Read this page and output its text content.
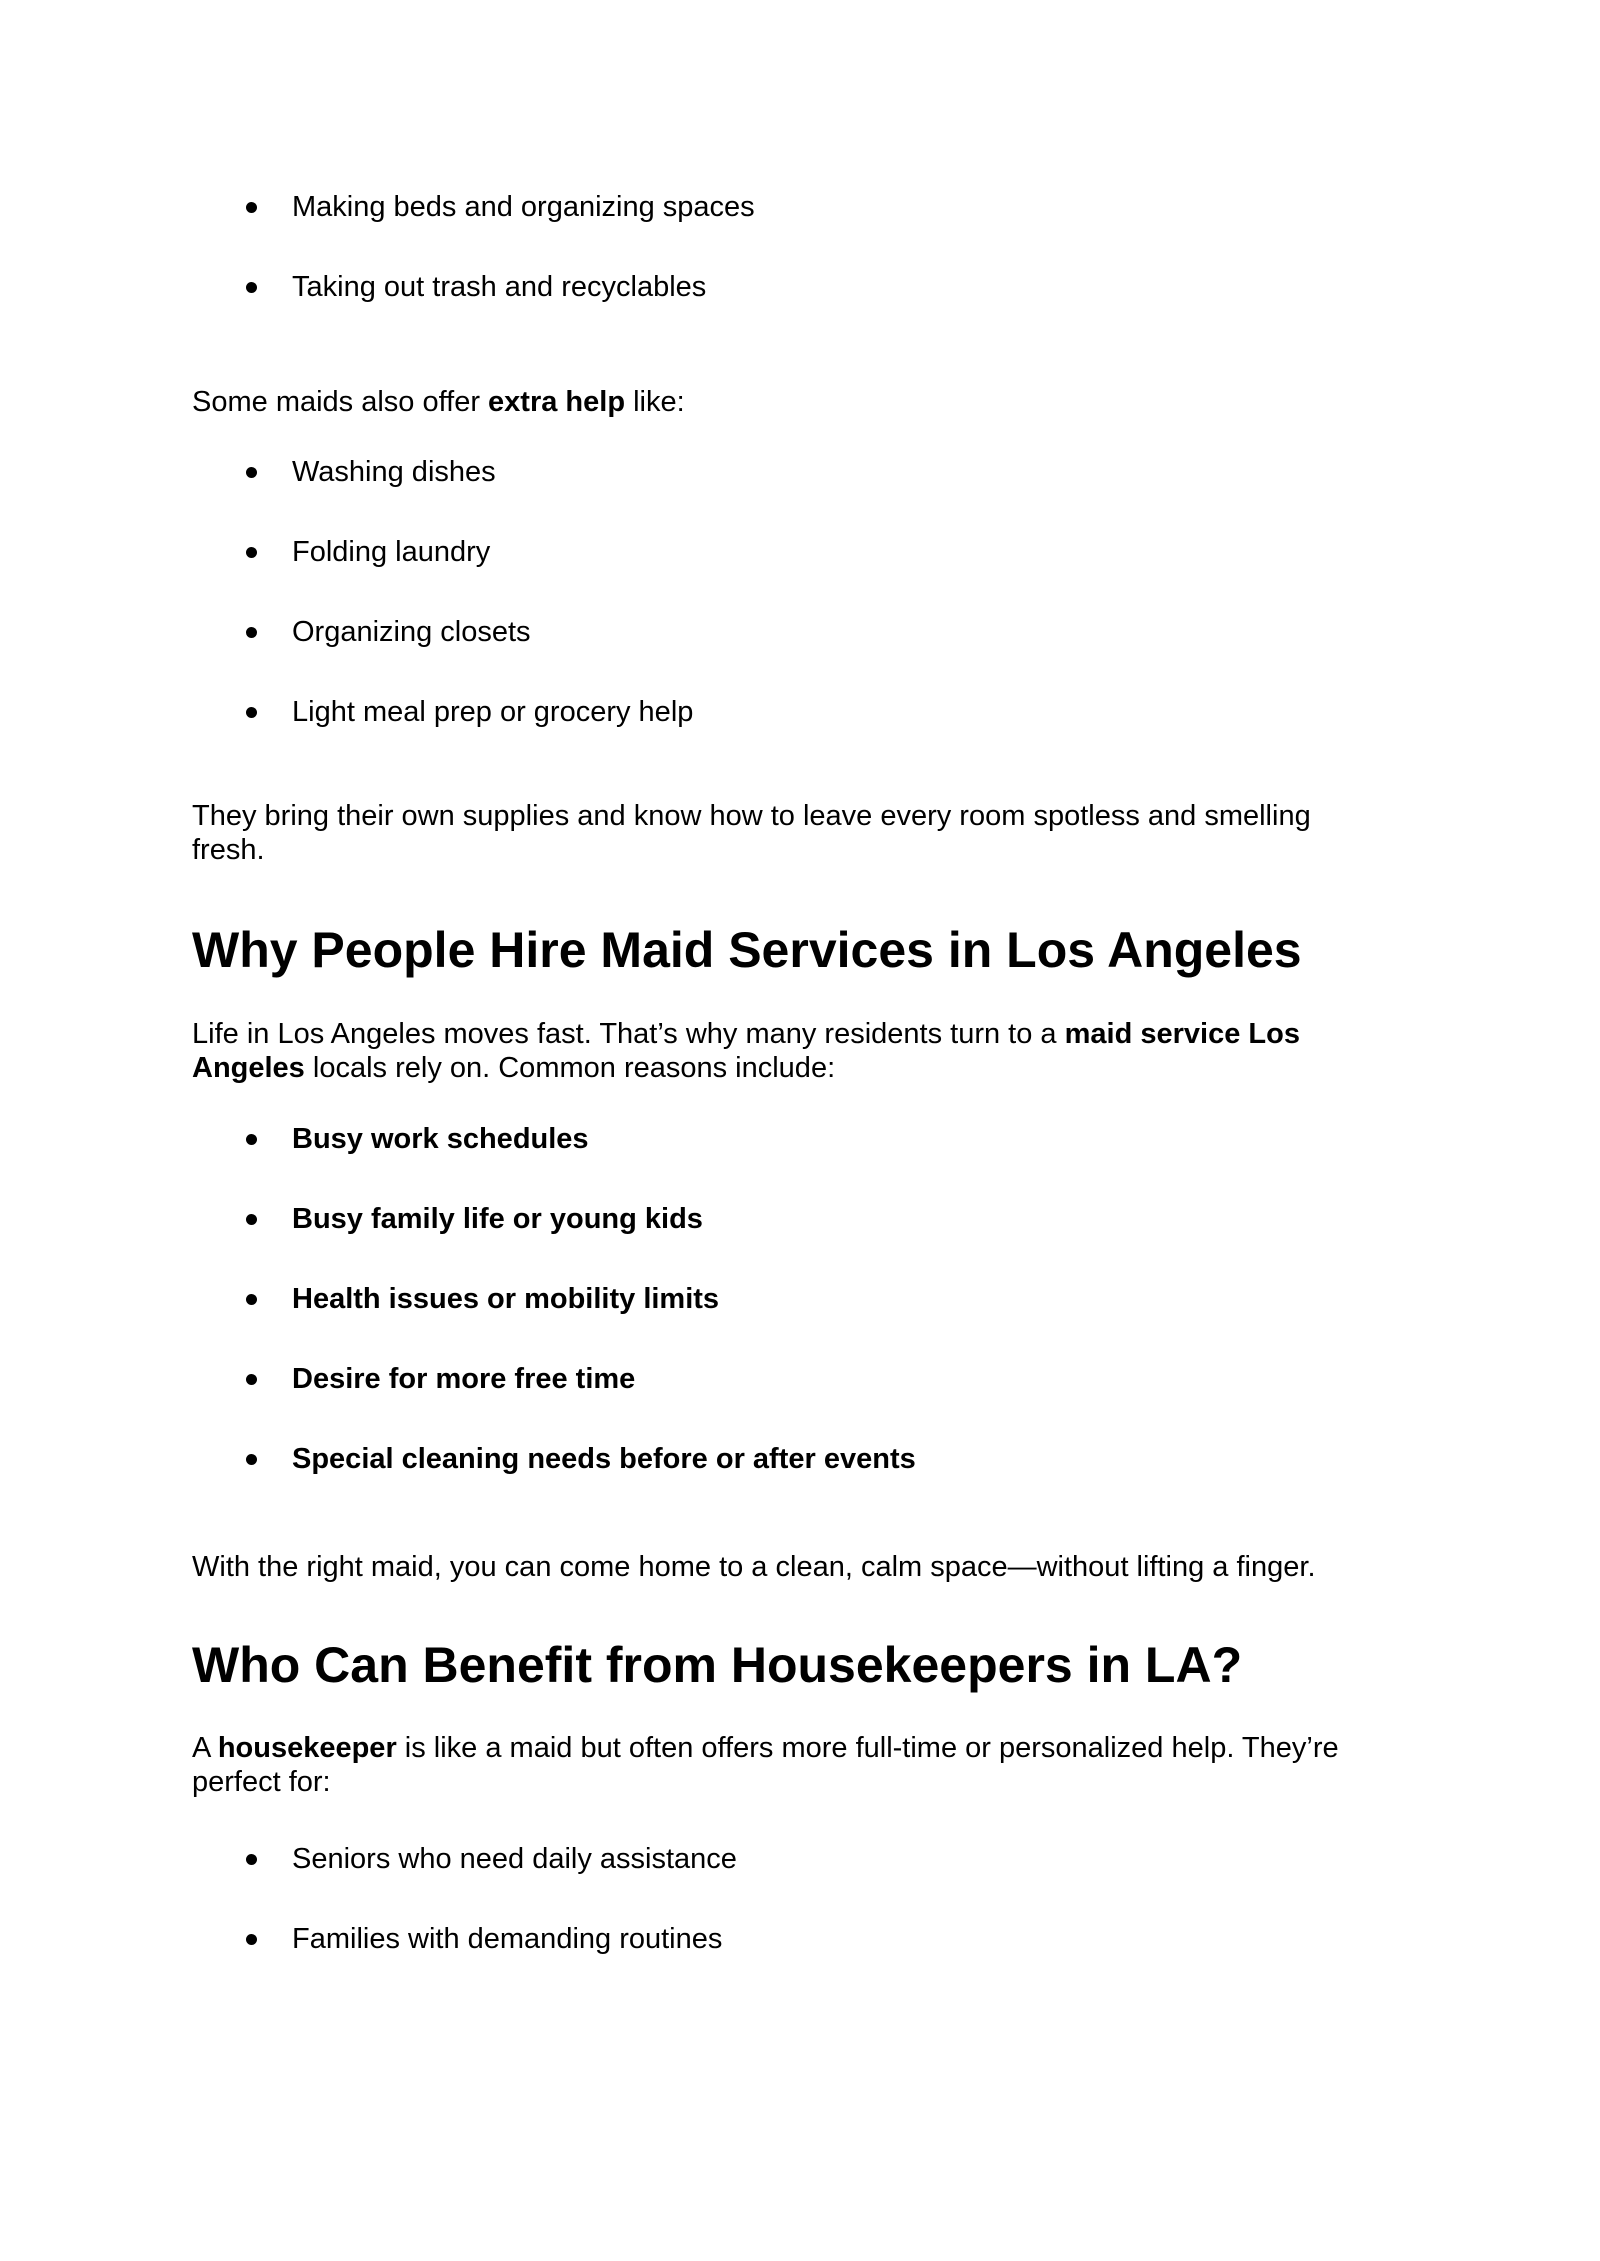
Making beds and organizing spaces
Taking out trash and recyclables

Some maids also offer extra help like:

Washing dishes
Folding laundry
Organizing closets
Light meal prep or grocery help

They bring their own supplies and know how to leave every room spotless and smelling
fresh.

Why People Hire Maid Services in Los Angeles

Life in Los Angeles moves fast. That’s why many residents turn to a maid service Los
Angeles locals rely on. Common reasons include:

Busy work schedules
Busy family life or young kids
Health issues or mobility limits
Desire for more free time
Special cleaning needs before or after events

With the right maid, you can come home to a clean, calm space—without lifting a finger.

Who Can Benefit from Housekeepers in LA?

A housekeeper is like a maid but often offers more full-time or personalized help. They’re
perfect for:

Seniors who need daily assistance
Families with demanding routines
